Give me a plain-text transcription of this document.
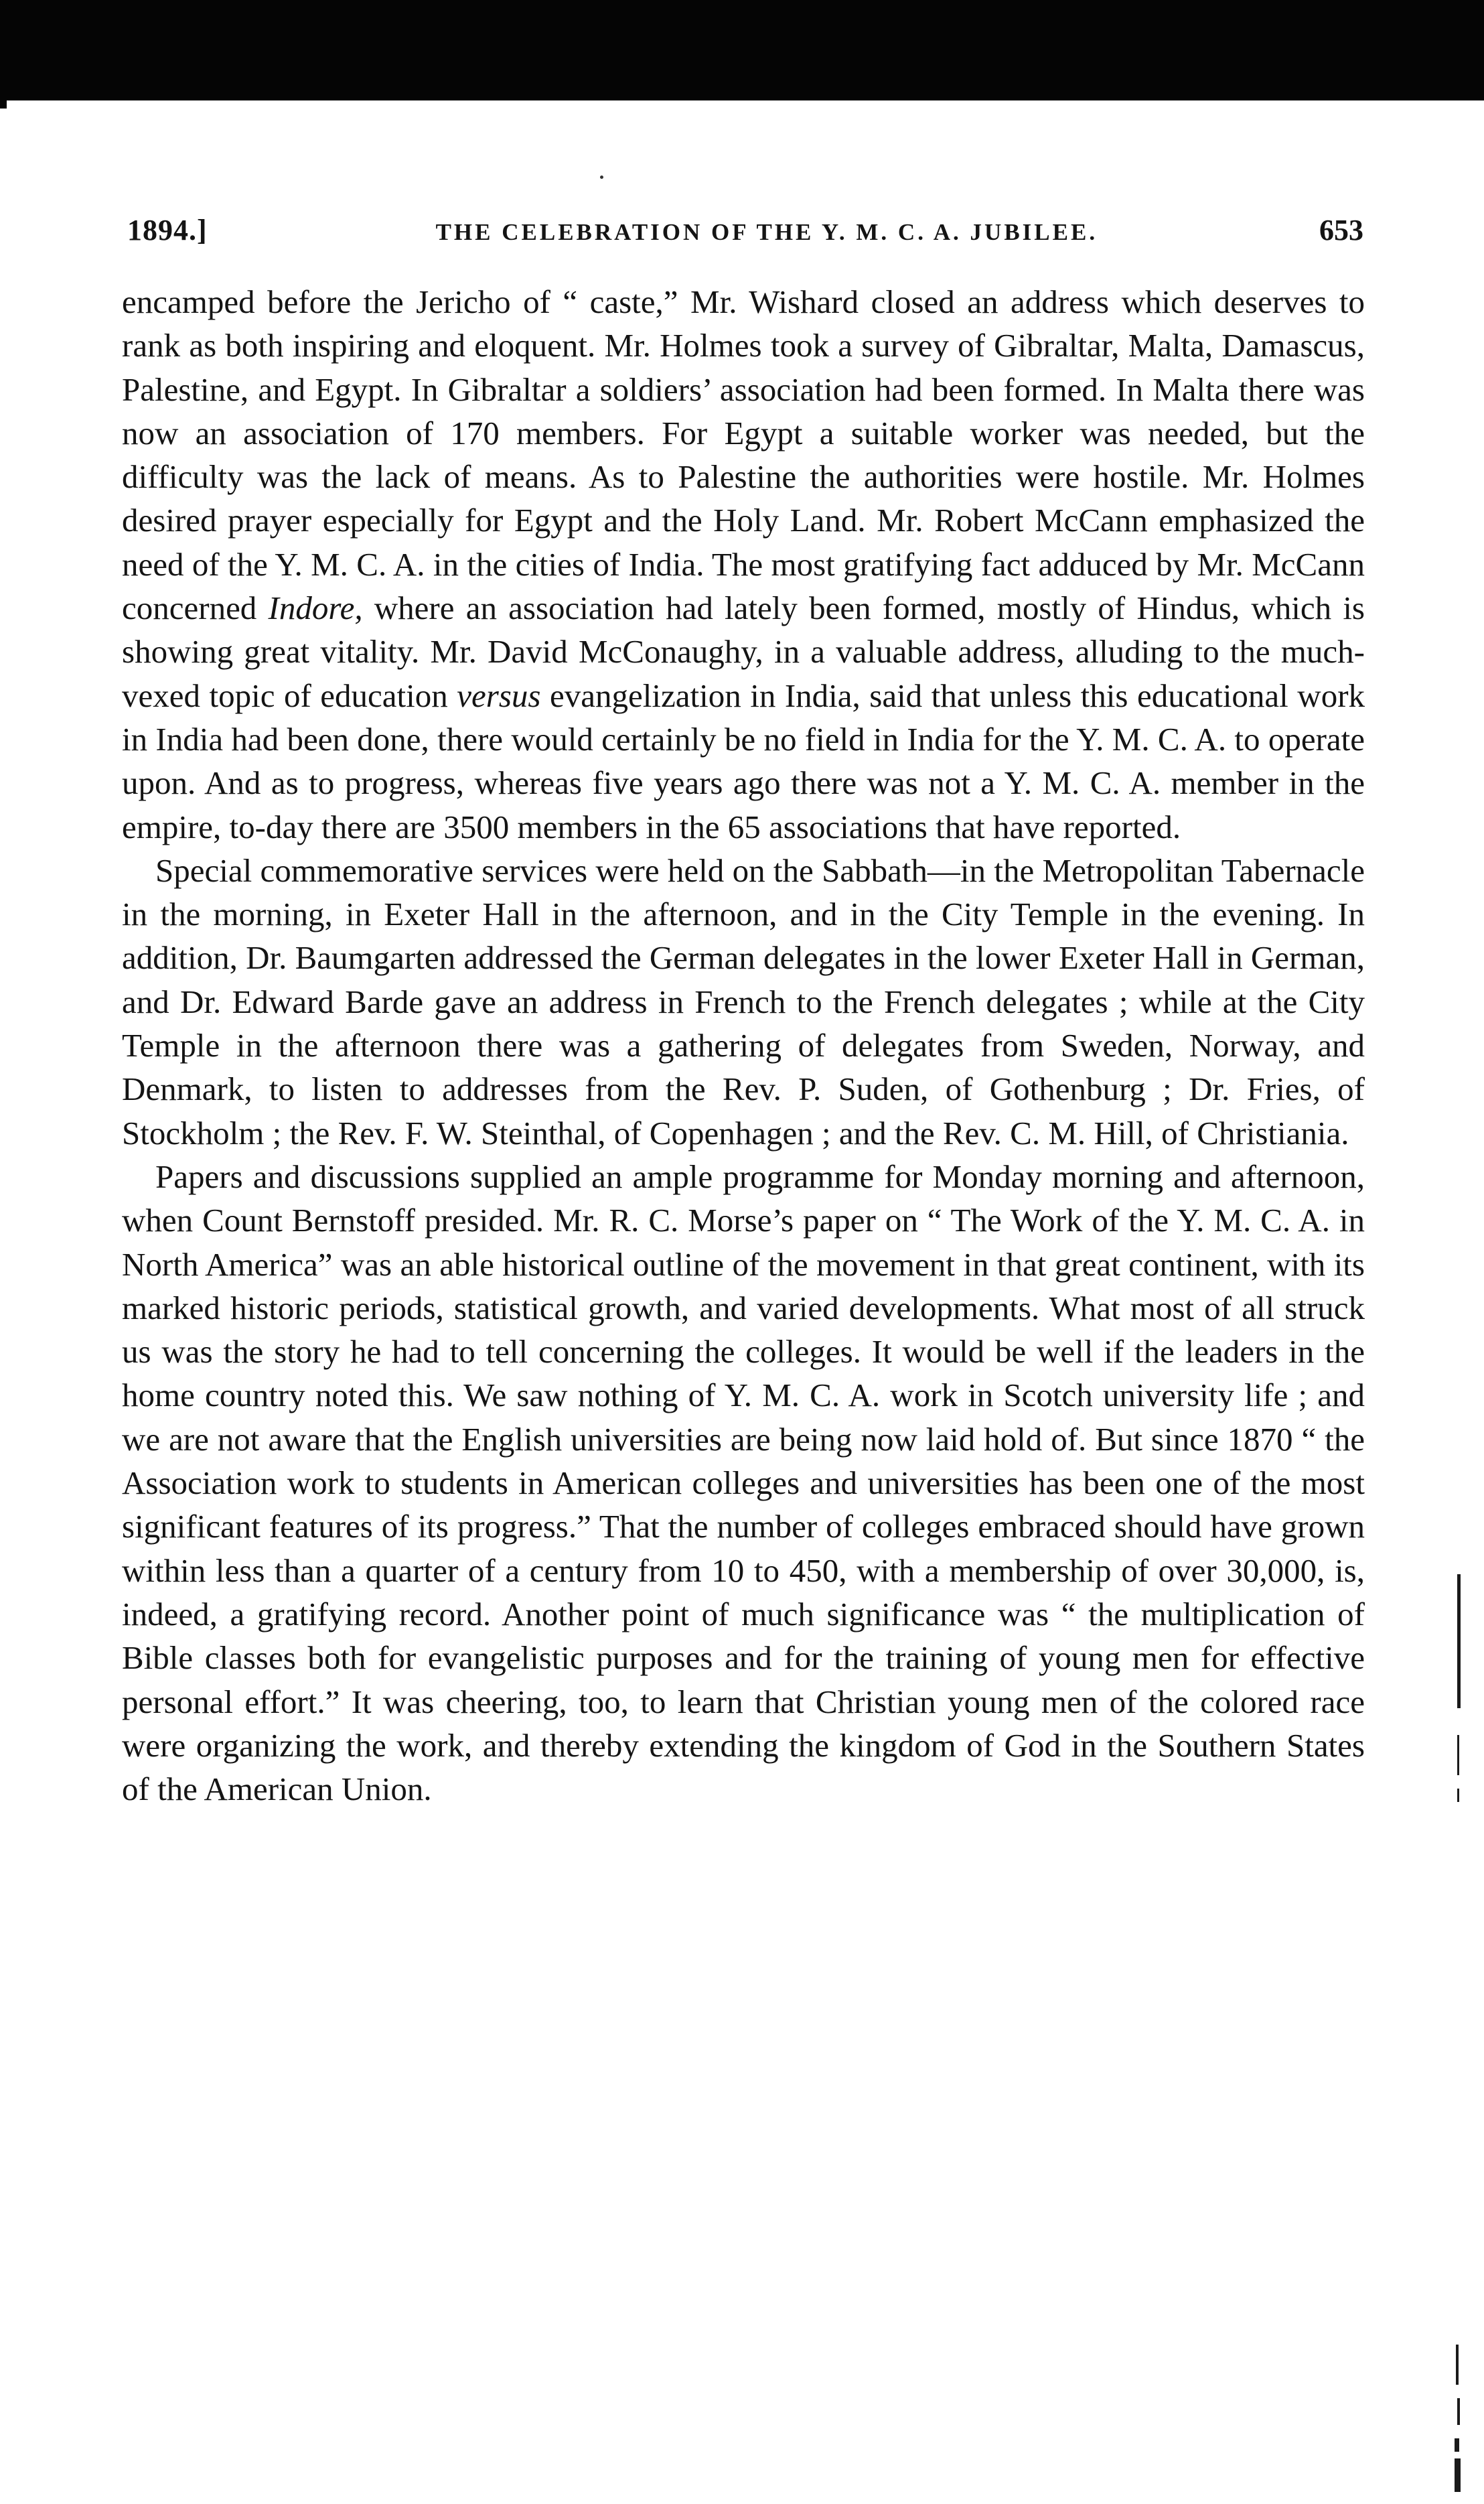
1894.]	THE CELEBRATION OF THE Y. M. C. A. JUBILEE.	653

encamped before the Jericho of “ caste,” Mr. Wishard closed an address which deserves to rank as both inspiring and eloquent. Mr. Holmes took a survey of Gibraltar, Malta, Damascus, Palestine, and Egypt. In Gibraltar a soldiers’ association had been formed. In Malta there was now an association of 170 members. For Egypt a suitable worker was needed, but the difficulty was the lack of means. As to Palestine the authorities were hostile. Mr. Holmes desired prayer especially for Egypt and the Holy Land. Mr. Robert McCann emphasized the need of the Y. M. C. A. in the cities of India. The most gratifying fact adduced by Mr. McCann concerned Indore, where an association had lately been formed, mostly of Hindus, which is showing great vitality. Mr. David McConaughy, in a valuable address, alluding to the much-vexed topic of education versus evangelization in India, said that unless this educational work in India had been done, there would certainly be no field in India for the Y. M. C. A. to operate upon. And as to progress, whereas five years ago there was not a Y. M. C. A. member in the empire, to-day there are 3500 members in the 65 associations that have reported.

Special commemorative services were held on the Sabbath—in the Metropolitan Tabernacle in the morning, in Exeter Hall in the afternoon, and in the City Temple in the evening. In addition, Dr. Baumgarten addressed the German delegates in the lower Exeter Hall in German, and Dr. Edward Barde gave an address in French to the French delegates ; while at the City Temple in the afternoon there was a gathering of delegates from Sweden, Norway, and Denmark, to listen to addresses from the Rev. P. Suden, of Gothenburg ; Dr. Fries, of Stockholm ; the Rev. F. W. Steinthal, of Copenhagen ; and the Rev. C. M. Hill, of Christiania.

Papers and discussions supplied an ample programme for Monday morning and afternoon, when Count Bernstoff presided. Mr. R. C. Morse’s paper on “ The Work of the Y. M. C. A. in North America” was an able historical outline of the movement in that great continent, with its marked historic periods, statistical growth, and varied developments. What most of all struck us was the story he had to tell concerning the colleges. It would be well if the leaders in the home country noted this. We saw nothing of Y. M. C. A. work in Scotch university life ; and we are not aware that the English universities are being now laid hold of. But since 1870 “ the Association work to students in American colleges and universities has been one of the most significant features of its progress.” That the number of colleges embraced should have grown within less than a quarter of a century from 10 to 450, with a membership of over 30,000, is, indeed, a gratifying record. Another point of much significance was “ the multiplication of Bible classes both for evangelistic purposes and for the training of young men for effective personal effort.” It was cheering, too, to learn that Christian young men of the colored race were organizing the work, and thereby extending the kingdom of God in the Southern States of the American Union.
